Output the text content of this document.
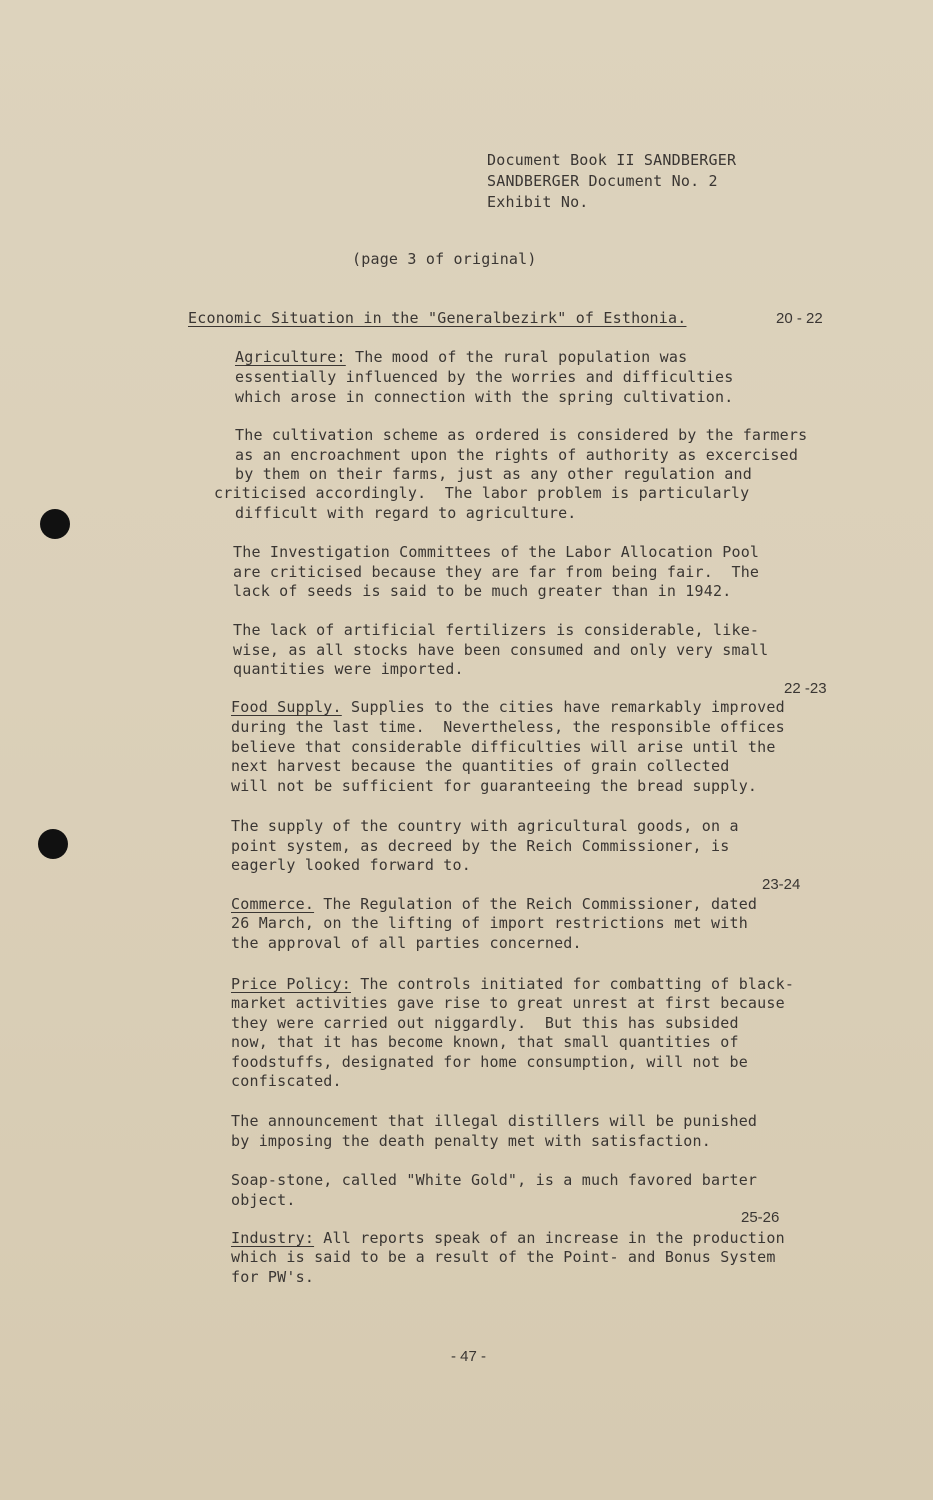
Document Book II SANDBERGER
SANDBERGER Document No. 2
Exhibit No.
(page 3 of original)
Economic Situation in the "Generalbezirk" of Esthonia.	20 - 22
Agriculture: The mood of the rural population was
essentially influenced by the worries and difficulties
which arose in connection with the spring cultivation.
The cultivation scheme as ordered is considered by the farmers
as an encroachment upon the rights of authority as excercised
by them on their farms, just as any other regulation and
criticised accordingly.  The labor problem is particularly
difficult with regard to agriculture.
The Investigation Committees of the Labor Allocation Pool
are criticised because they are far from being fair.  The
lack of seeds is said to be much greater than in 1942.
The lack of artificial fertilizers is considerable, like-
wise, as all stocks have been consumed and only very small
quantities were imported.
22 -23
Food Supply. Supplies to the cities have remarkably improved
during the last time.  Nevertheless, the responsible offices
believe that considerable difficulties will arise until the
next harvest because the quantities of grain collected
will not be sufficient for guaranteeing the bread supply.
The supply of the country with agricultural goods, on a
point system, as decreed by the Reich Commissioner, is
eagerly looked forward to.
23-24
Commerce. The Regulation of the Reich Commissioner, dated
26 March, on the lifting of import restrictions met with
the approval of all parties concerned.
Price Policy: The controls initiated for combatting of black-
market activities gave rise to great unrest at first because
they were carried out niggardly.  But this has subsided
now, that it has become known, that small quantities of
foodstuffs, designated for home consumption, will not be
confiscated.
The announcement that illegal distillers will be punished
by imposing the death penalty met with satisfaction.
Soap-stone, called "White Gold", is a much favored barter
object.
25-26
Industry: All reports speak of an increase in the production
which is said to be a result of the Point- and Bonus System
for PW's.
- 47 -
